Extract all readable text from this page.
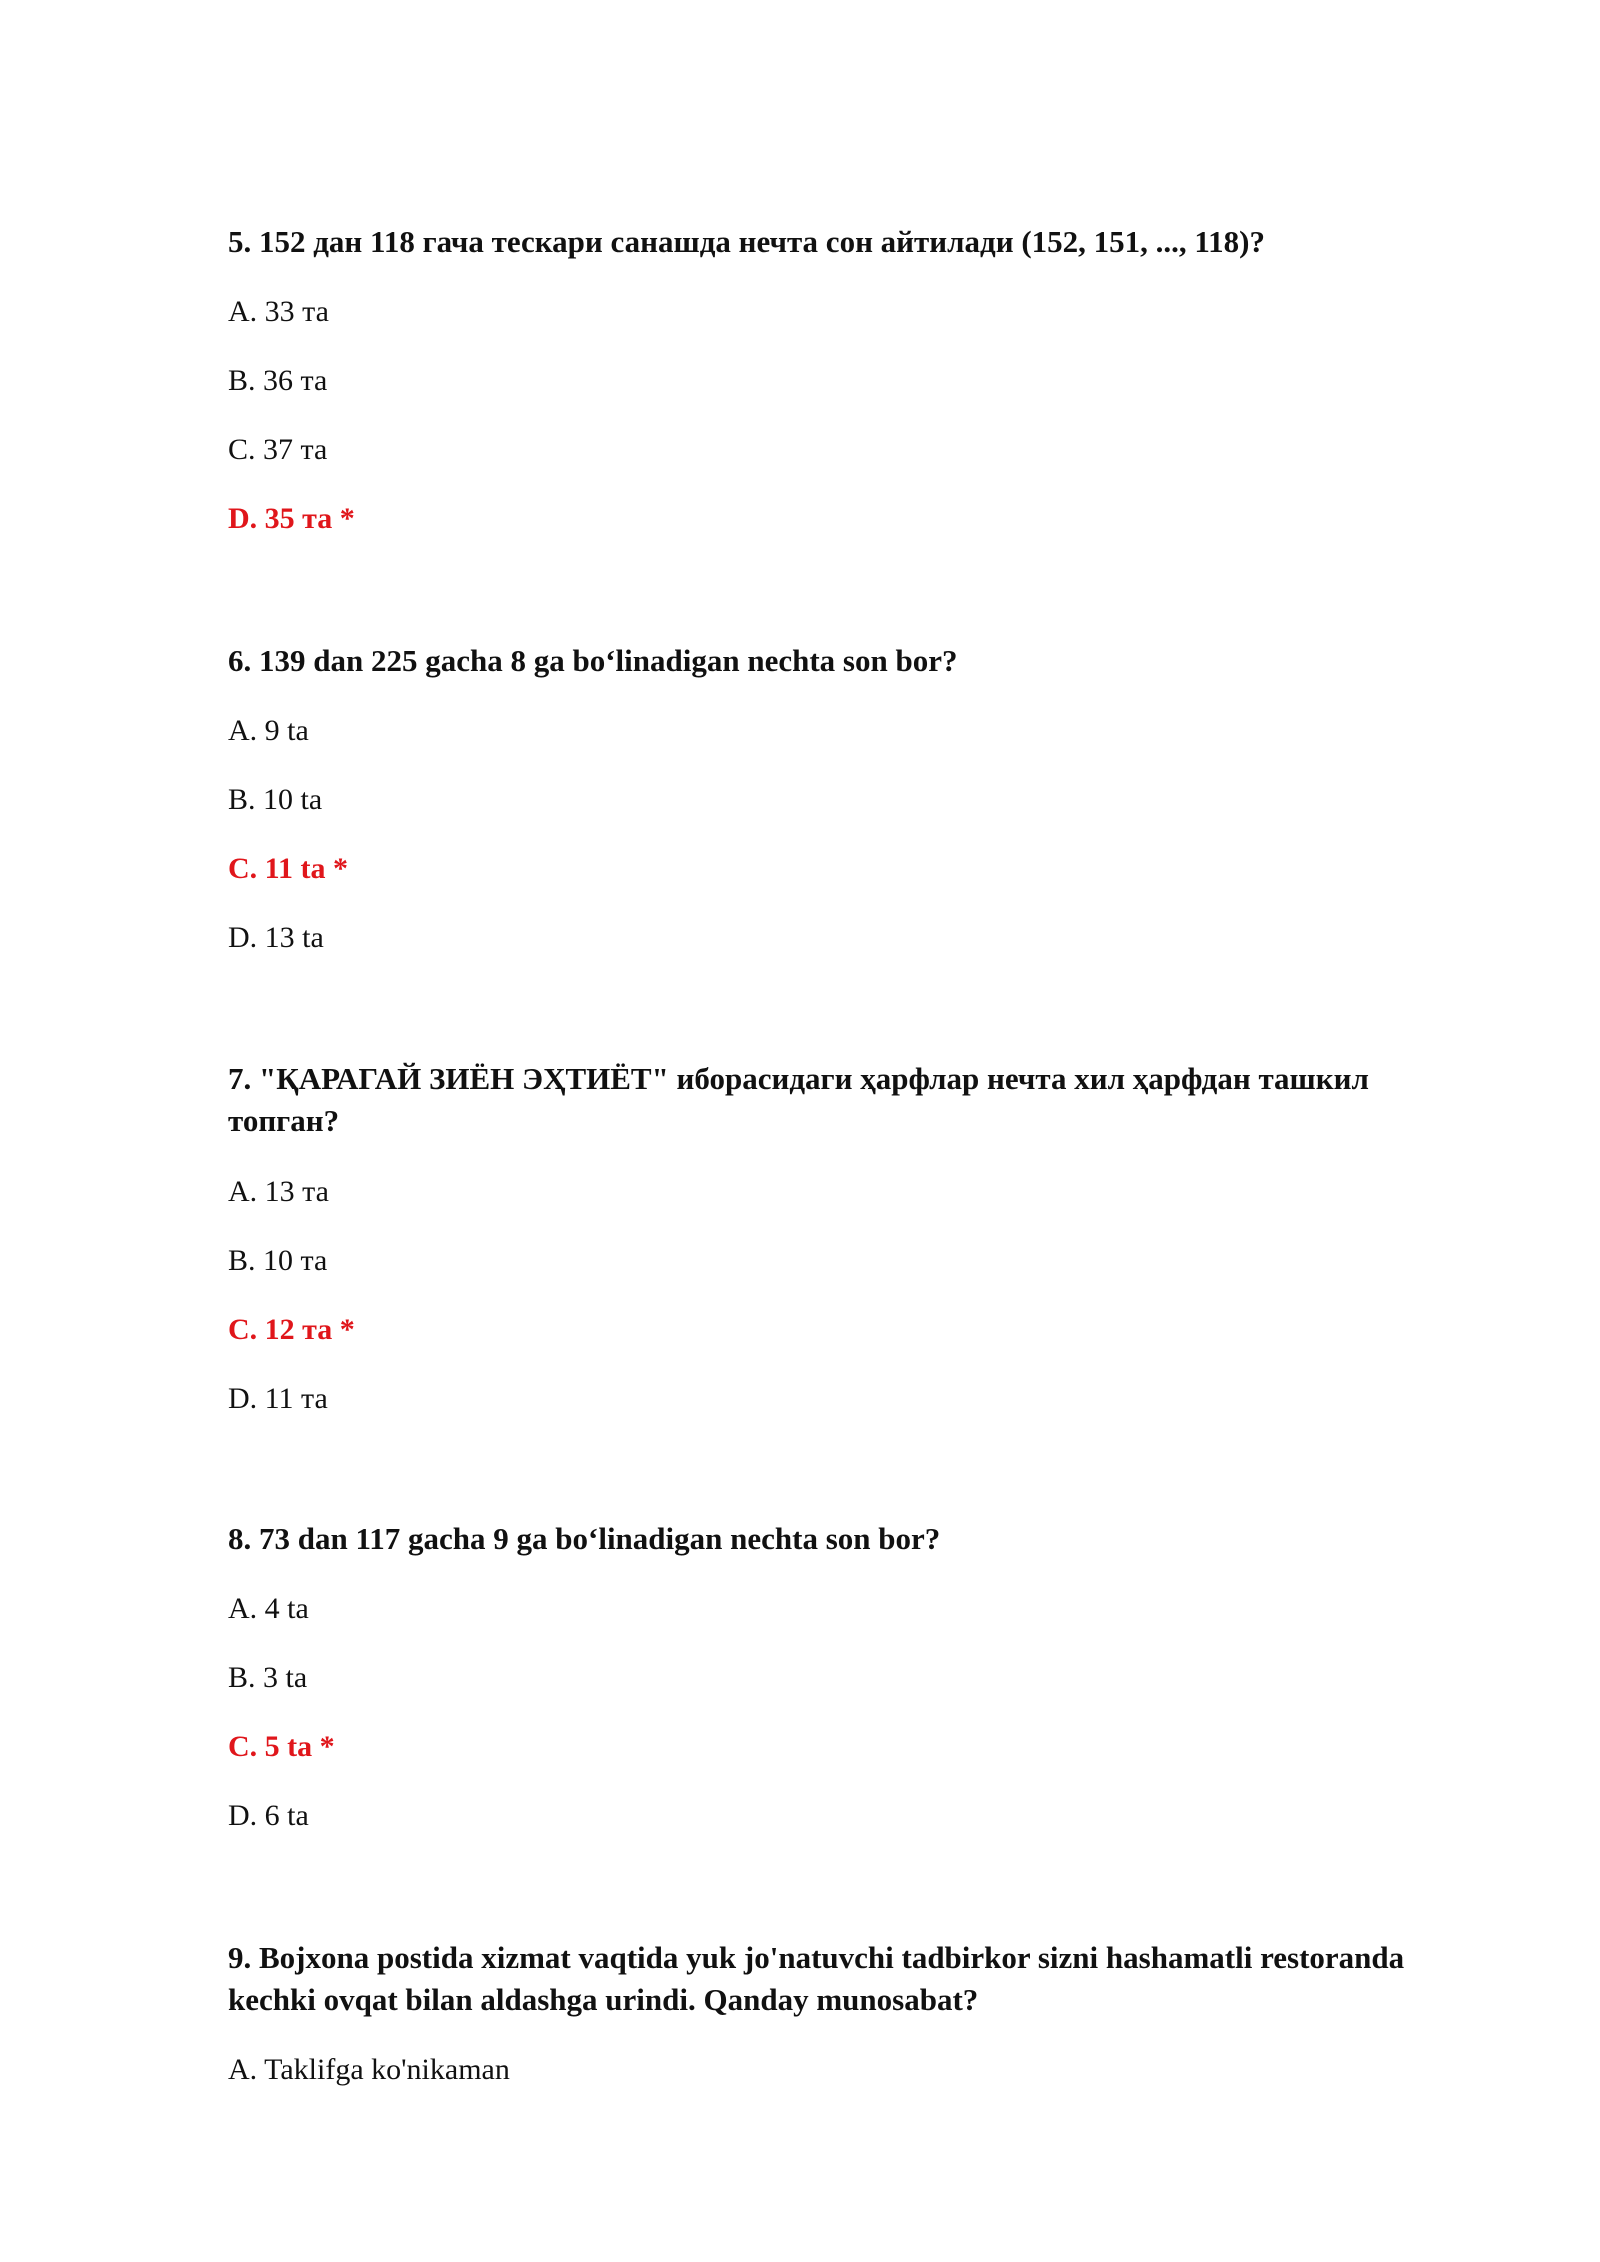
5. 152 дан 118 гача тескари санашда нечта сон айтилади (152, 151, ..., 118)?

A. 33 та
B. 36 та
C. 37 та
D. 35 та *

6. 139 dan 225 gacha 8 ga bo‘linadigan nechta son bor?

A. 9 ta
B. 10 ta
C. 11 ta *
D. 13 ta

7. "ҚАРАГАЙ ЗИЁН ЭҲТИЁТ" иборасидаги ҳарфлар нечта хил ҳарфдан ташкил топган?

A. 13 та
B. 10 та
C. 12 та *
D. 11 та

8. 73 dan 117 gacha 9 ga bo‘linadigan nechta son bor?

A. 4 ta
B. 3 ta
C. 5 ta *
D. 6 ta

9. Bojxona postida xizmat vaqtida yuk jo'natuvchi tadbirkor sizni hashamatli restoranda kechki ovqat bilan aldashga urindi. Qanday munosabat?

A. Taklifga ko'nikaman
